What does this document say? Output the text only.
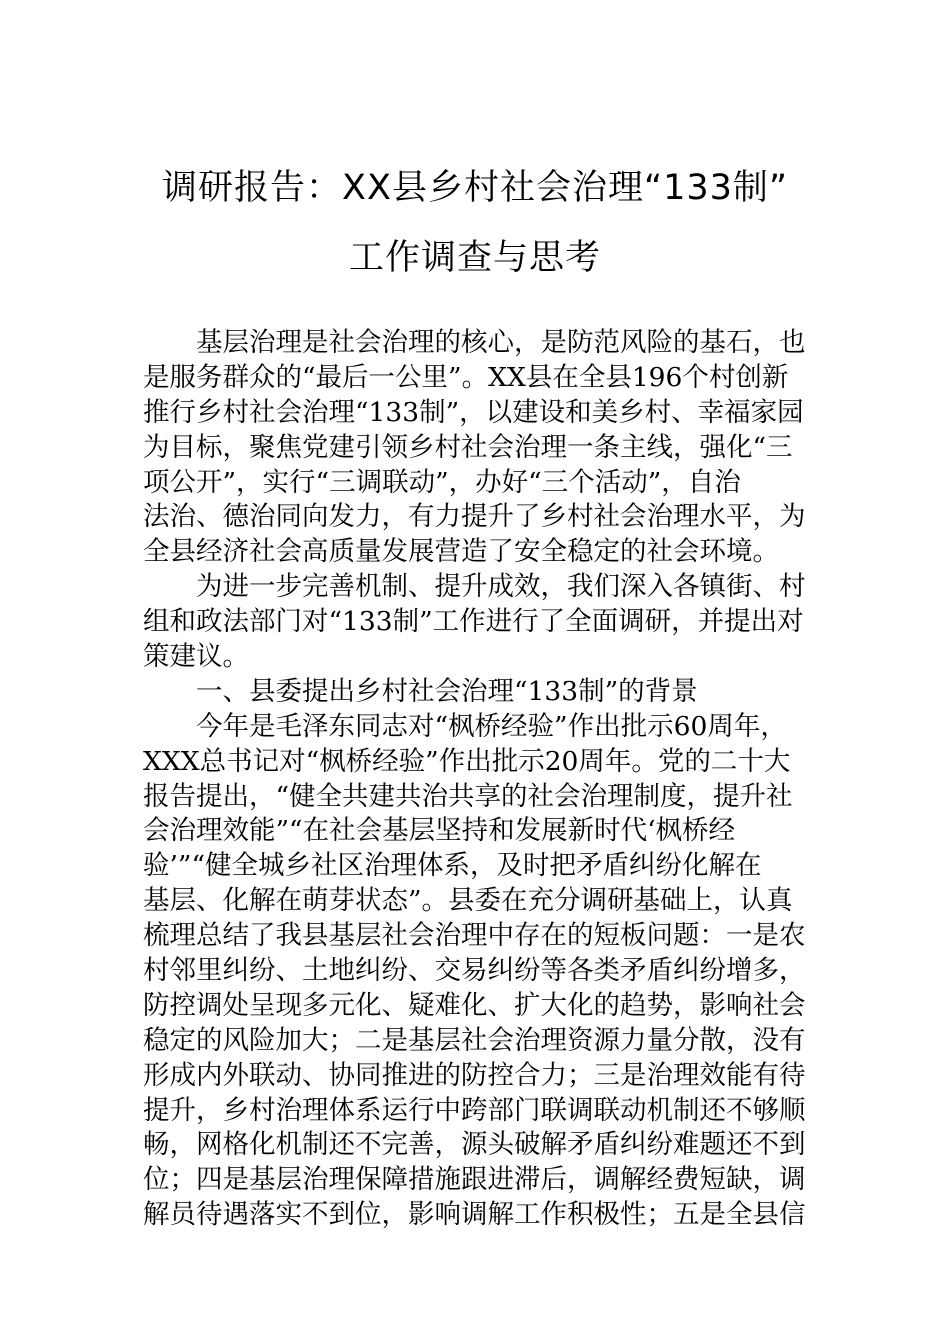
调研报告：XX县乡村社会治理“133制”
工作调查与思考
基层治理是社会治理的核心，是防范风险的基石，也
是服务群众的“最后一公里”。XX县在全县196个村创新
推行乡村社会治理“133制”，以建设和美乡村、幸福家园
为目标，聚焦党建引领乡村社会治理一条主线，强化“三
项公开”，实行“三调联动”，办好“三个活动”，自治
法治、德治同向发力，有力提升了乡村社会治理水平，为
全县经济社会高质量发展营造了安全稳定的社会环境。
为进一步完善机制、提升成效，我们深入各镇街、村
组和政法部门对“133制”工作进行了全面调研，并提出对
策建议。
一、县委提出乡村社会治理“133制”的背景
今年是毛泽东同志对“枫桥经验”作出批示60周年，
XXX总书记对“枫桥经验”作出批示20周年。党的二十大
报告提出，“健全共建共治共享的社会治理制度，提升社
会治理效能”“在社会基层坚持和发展新时代‘枫桥经
验’”“健全城乡社区治理体系，及时把矛盾纠纷化解在
基层、化解在萌芽状态”。县委在充分调研基础上，认真
梳理总结了我县基层社会治理中存在的短板问题：一是农
村邻里纠纷、土地纠纷、交易纠纷等各类矛盾纠纷增多，
防控调处呈现多元化、疑难化、扩大化的趋势，影响社会
稳定的风险加大；二是基层社会治理资源力量分散，没有
形成内外联动、协同推进的防控合力；三是治理效能有待
提升，乡村治理体系运行中跨部门联调联动机制还不够顺
畅，网格化机制还不完善，源头破解矛盾纠纷难题还不到
位；四是基层治理保障措施跟进滞后，调解经费短缺，调
解员待遇落实不到位，影响调解工作积极性；五是全县信
